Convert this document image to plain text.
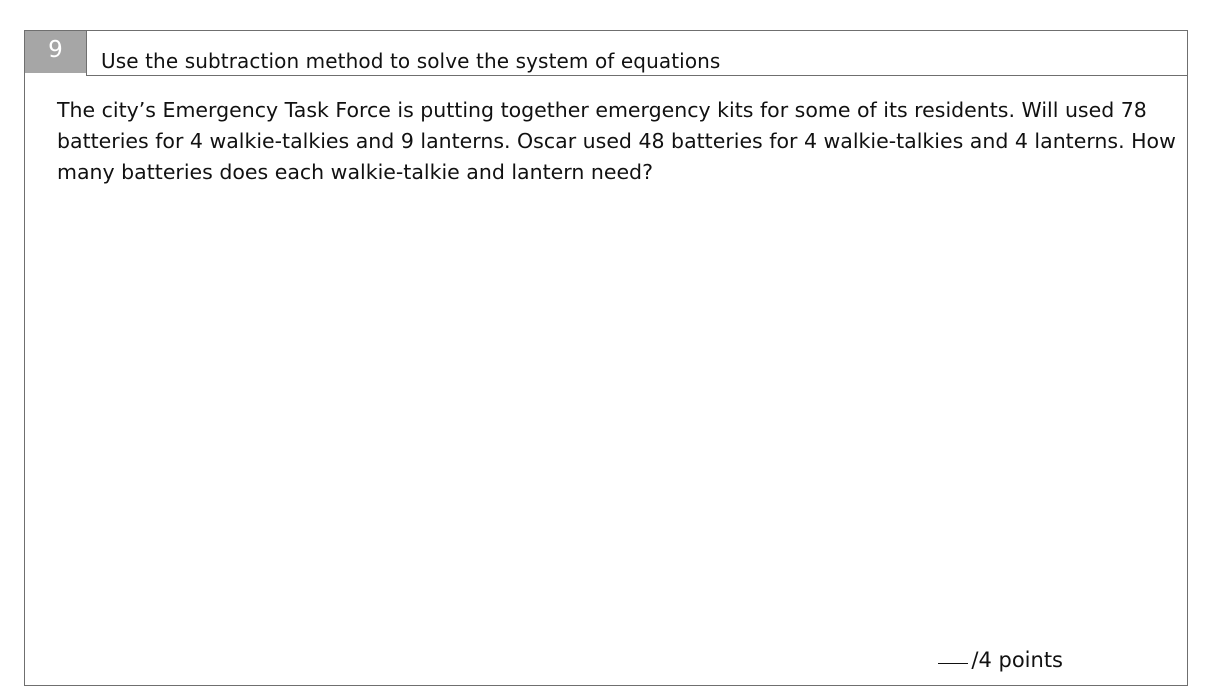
9	Use the subtraction method to solve the system of equations

The city’s Emergency Task Force is putting together emergency kits for some of its residents. Will used 78 batteries for 4 walkie-talkies and 9 lanterns. Oscar used 48 batteries for 4 walkie-talkies and 4 lanterns. How many batteries does each walkie-talkie and lantern need?

/4 points
